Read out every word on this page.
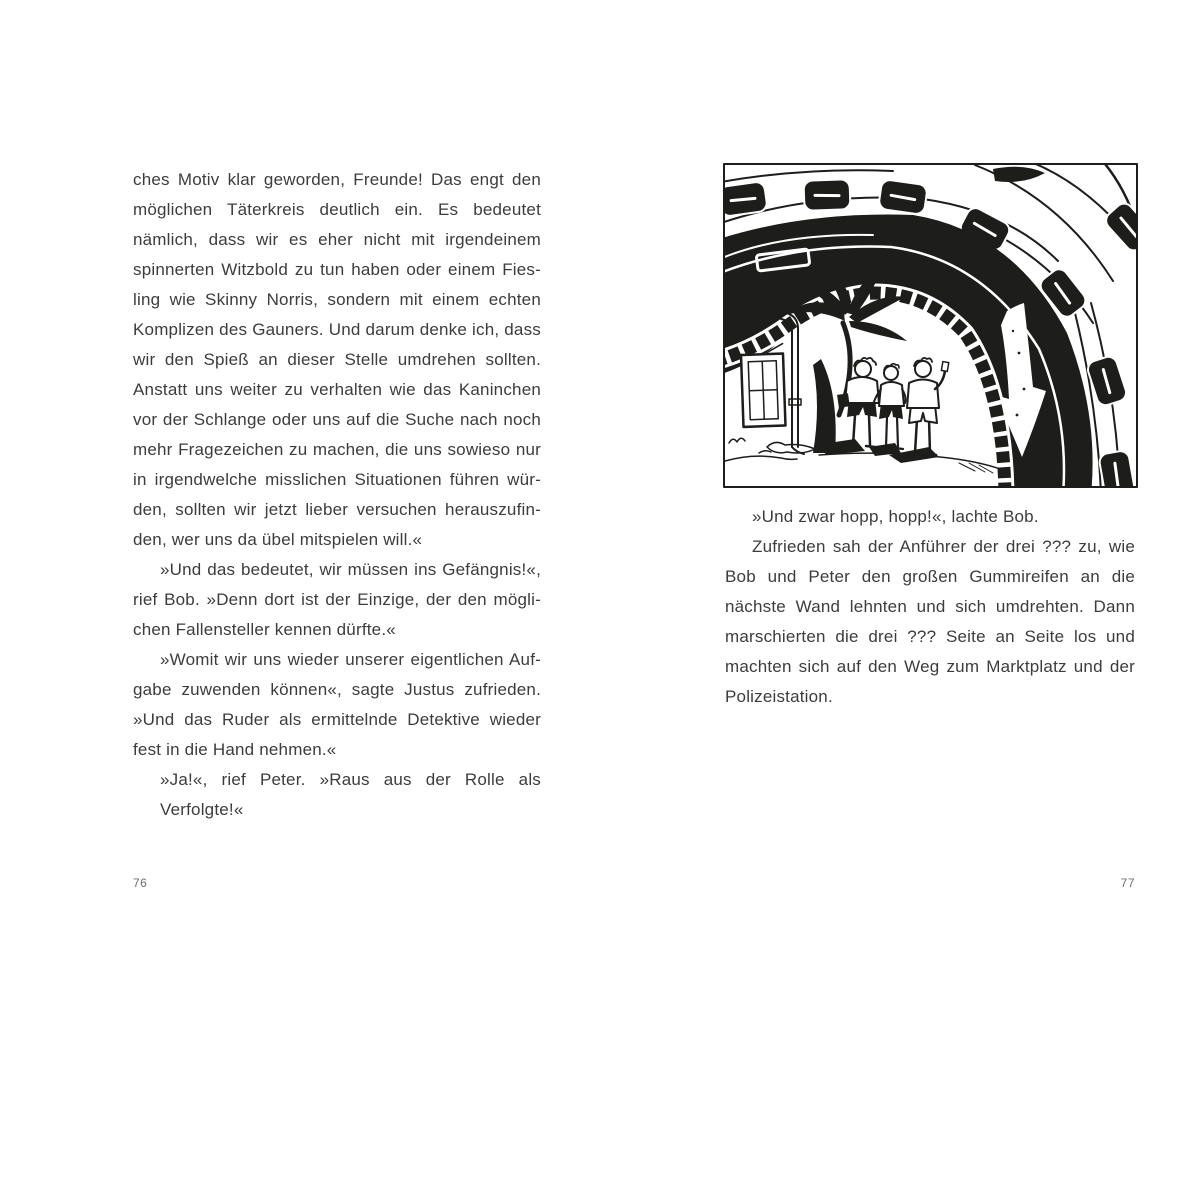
ches Motiv klar geworden, Freunde! Das engt den
möglichen Täterkreis deutlich ein. Es bedeutet
nämlich, dass wir es eher nicht mit irgendeinem
spinnerten Witzbold zu tun haben oder einem Fies-
ling wie Skinny Norris, sondern mit einem echten
Komplizen des Gauners. Und darum denke ich, dass
wir den Spieß an dieser Stelle umdrehen sollten.
Anstatt uns weiter zu verhalten wie das Kaninchen
vor der Schlange oder uns auf die Suche nach noch
mehr Fragezeichen zu machen, die uns sowieso nur
in irgendwelche misslichen Situationen führen wür-
den, sollten wir jetzt lieber versuchen herauszufin-
den, wer uns da übel mitspielen will.«
»Und das bedeutet, wir müssen ins Gefängnis!«,
rief Bob. »Denn dort ist der Einzige, der den mögli-
chen Fallensteller kennen dürfte.«
»Womit wir uns wieder unserer eigentlichen Auf-
gabe zuwenden können«, sagte Justus zufrieden.
»Und das Ruder als ermittelnde Detektive wieder
fest in die Hand nehmen.«
»Ja!«, rief Peter. »Raus aus der Rolle als Verfolgte!«
76
»Und zwar hopp, hopp!«, lachte Bob.
Zufrieden sah der Anführer der drei ??? zu, wie
Bob und Peter den großen Gummireifen an die
nächste Wand lehnten und sich umdrehten. Dann
marschierten die drei ??? Seite an Seite los und
machten sich auf den Weg zum Marktplatz und der
Polizeistation.
77
